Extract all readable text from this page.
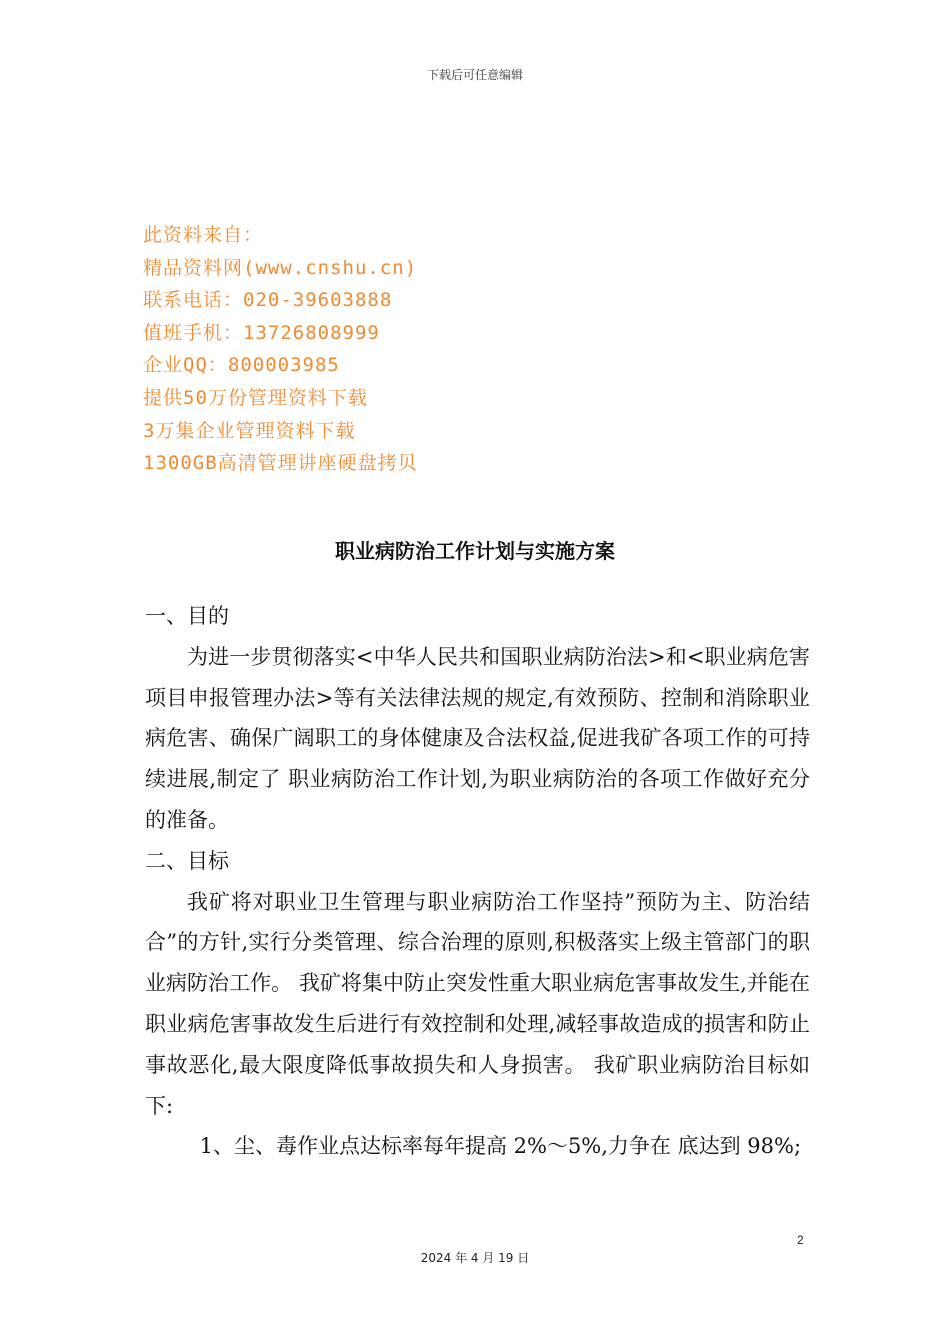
下载后可任意编辑
此资料来自：
精品资料网(www.cnshu.cn)
联系电话：020-39603888
值班手机：13726808999
企业QQ：800003985
提供50万份管理资料下载
3万集企业管理资料下载
1300GB高清管理讲座硬盘拷贝
职业病防治工作计划与实施方案

一、目的

为进一步贯彻落实<中华人民共和国职业病防治法>和<职业病危害项目申报管理办法>等有关法律法规的规定,有效预防、控制和消除职业病危害、确保广阔职工的身体健康及合法权益,促进我矿各项工作的可持续进展,制定了 职业病防治工作计划,为职业病防治的各项工作做好充分的准备。

二、目标

我矿将对职业卫生管理与职业病防治工作坚持”预防为主、防治结合”的方针,实行分类管理、综合治理的原则,积极落实上级主管部门的职业病防治工作。 我矿将集中防止突发性重大职业病危害事故发生,并能在职业病危害事故发生后进行有效控制和处理,减轻事故造成的损害和防止事故恶化,最大限度降低事故损失和人身损害。 我矿职业病防治目标如下:

1、尘、毒作业点达标率每年提高 2%～5%,力争在 底达到 98%;

2
2024 年 4 月 19 日
